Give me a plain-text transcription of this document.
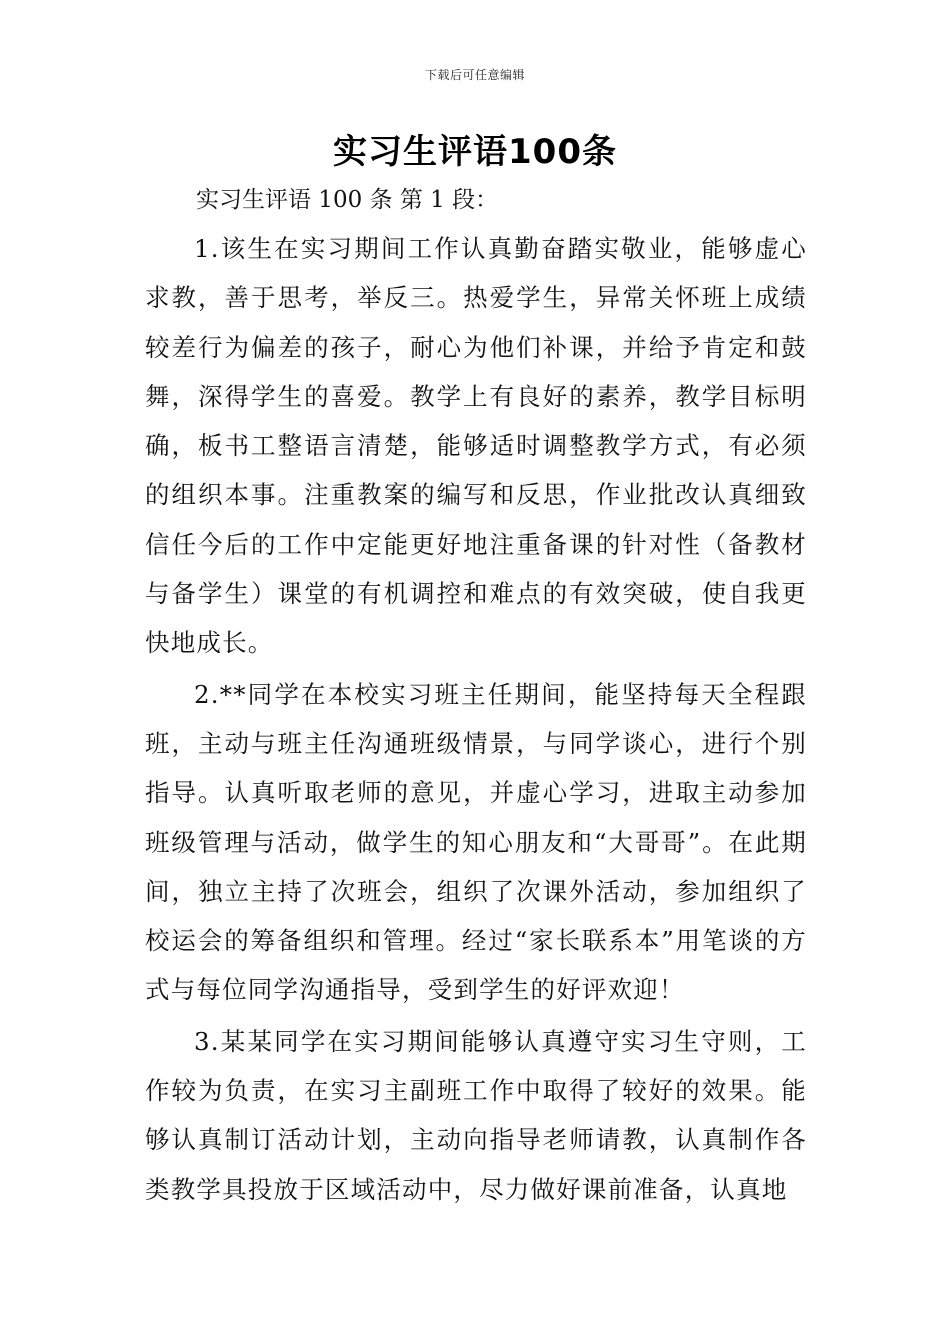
下载后可任意编辑
实习生评语100条
实习生评语 100 条 第 1 段：

1.该生在实习期间工作认真勤奋踏实敬业，能够虚心求教，善于思考，举反三。热爱学生，异常关怀班上成绩较差行为偏差的孩子，耐心为他们补课，并给予肯定和鼓舞，深得学生的喜爱。教学上有良好的素养，教学目标明确，板书工整语言清楚，能够适时调整教学方式，有必须的组织本事。注重教案的编写和反思，作业批改认真细致信任今后的工作中定能更好地注重备课的针对性（备教材与备学生）课堂的有机调控和难点的有效突破，使自我更快地成长。

2.**同学在本校实习班主任期间，能坚持每天全程跟班，主动与班主任沟通班级情景，与同学谈心，进行个别指导。认真听取老师的意见，并虚心学习，进取主动参加班级管理与活动，做学生的知心朋友和“大哥哥”。在此期间，独立主持了次班会，组织了次课外活动，参加组织了校运会的筹备组织和管理。经过“家长联系本”用笔谈的方式与每位同学沟通指导，受到学生的好评欢迎！

3.某某同学在实习期间能够认真遵守实习生守则，工作较为负责，在实习主副班工作中取得了较好的效果。能够认真制订活动计划，主动向指导老师请教，认真制作各类教学具投放于区域活动中，尽力做好课前准备，认真地
